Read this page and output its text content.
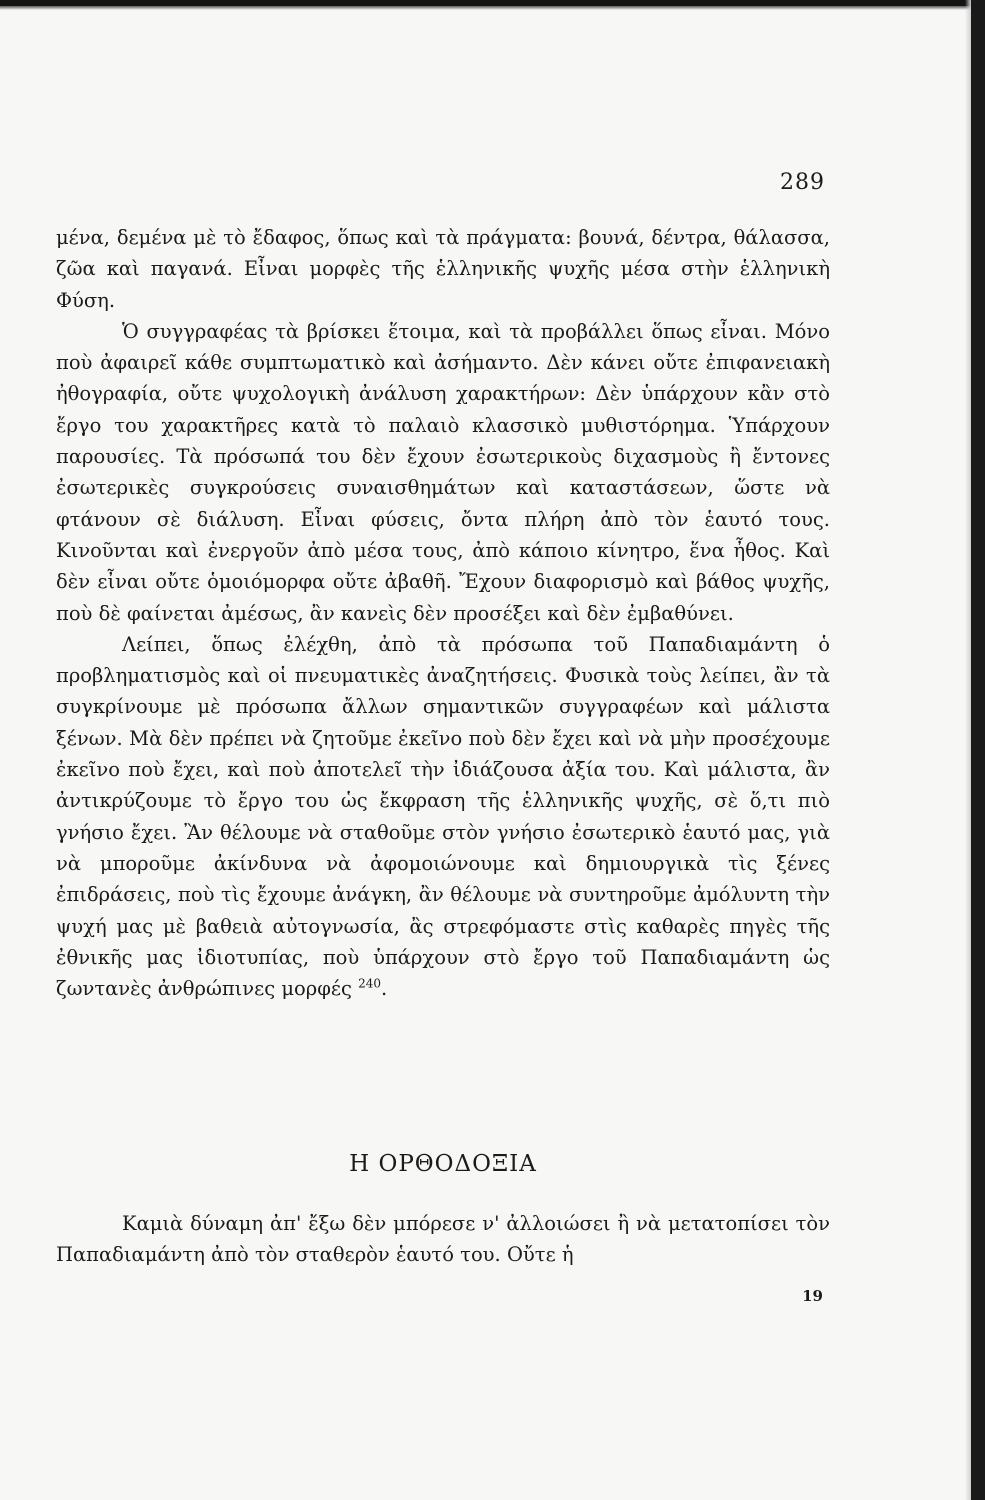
289

μένα, δεμένα μὲ τὸ ἔδαφος, ὅπως καὶ τὰ πράγματα: βουνά, δέντρα, θάλασσα, ζῶα καὶ παγανά. Εἶναι μορφὲς τῆς ἑλληνικῆς ψυχῆς μέσα στὴν ἑλληνικὴ Φύση.

Ὁ συγγραφέας τὰ βρίσκει ἕτοιμα, καὶ τὰ προβάλλει ὅπως εἶναι. Μόνο ποὺ ἀφαιρεῖ κάθε συμπτωματικὸ καὶ ἀσήμαντο. Δὲν κάνει οὔτε ἐπιφανειακὴ ἠθογραφία, οὔτε ψυχολογικὴ ἀνάλυση χαρακτήρων: Δὲν ὑπάρχουν κἂν στὸ ἔργο του χαρακτῆρες κατὰ τὸ παλαιὸ κλασσικὸ μυθιστόρημα. Ὑπάρχουν παρουσίες. Τὰ πρόσωπά του δὲν ἔχουν ἐσωτερικοὺς διχασμοὺς ἢ ἔντονες ἐσωτερικὲς συγκρούσεις συναισθημάτων καὶ καταστάσεων, ὥστε νὰ φτάνουν σὲ διάλυση. Εἶναι φύσεις, ὄντα πλήρη ἀπὸ τὸν ἑαυτό τους. Κινοῦνται καὶ ἐνεργοῦν ἀπὸ μέσα τους, ἀπὸ κάποιο κίνητρο, ἕνα ἦθος. Καὶ δὲν εἶναι οὔτε ὁμοιόμορφα οὔτε ἀβαθῆ. Ἔχουν διαφορισμὸ καὶ βάθος ψυχῆς, ποὺ δὲ φαίνεται ἀμέσως, ἂν κανεὶς δὲν προσέξει καὶ δὲν ἐμβαθύνει.

Λείπει, ὅπως ἐλέχθη, ἀπὸ τὰ πρόσωπα τοῦ Παπαδιαμάντη ὁ προβληματισμὸς καὶ οἱ πνευματικὲς ἀναζητήσεις. Φυσικὰ τοὺς λείπει, ἂν τὰ συγκρίνουμε μὲ πρόσωπα ἄλλων σημαντικῶν συγγραφέων καὶ μάλιστα ξένων. Μὰ δὲν πρέπει νὰ ζητοῦμε ἐκεῖνο ποὺ δὲν ἔχει καὶ νὰ μὴν προσέχουμε ἐκεῖνο ποὺ ἔχει, καὶ ποὺ ἀποτελεῖ τὴν ἰδιάζουσα ἀξία του. Καὶ μάλιστα, ἂν ἀντικρύζουμε τὸ ἔργο του ὡς ἔκφραση τῆς ἑλληνικῆς ψυχῆς, σὲ ὅ,τι πιὸ γνήσιο ἔχει. Ἂν θέλουμε νὰ σταθοῦμε στὸν γνήσιο ἐσωτερικὸ ἑαυτό μας, γιὰ νὰ μποροῦμε ἀκίνδυνα νὰ ἀφομοιώνουμε καὶ δημιουργικὰ τὶς ξένες ἐπιδράσεις, ποὺ τὶς ἔχουμε ἀνάγκη, ἂν θέλουμε νὰ συντηροῦμε ἀμόλυντη τὴν ψυχή μας μὲ βαθειὰ αὐτογνωσία, ἂς στρεφόμαστε στὶς καθαρὲς πηγὲς τῆς ἐθνικῆς μας ἰδιοτυπίας, ποὺ ὑπάρχουν στὸ ἔργο τοῦ Παπαδιαμάντη ὡς ζωντανὲς ἀνθρώπινες μορφές $^{240}$.

Η ΟΡΘΟΔΟΞΙΑ

Καμιὰ δύναμη ἀπ' ἔξω δὲν μπόρεσε ν' ἀλλοιώσει ἢ νὰ μετατοπίσει τὸν Παπαδιαμάντη ἀπὸ τὸν σταθερὸν ἑαυτό του. Οὔτε ἡ

19
